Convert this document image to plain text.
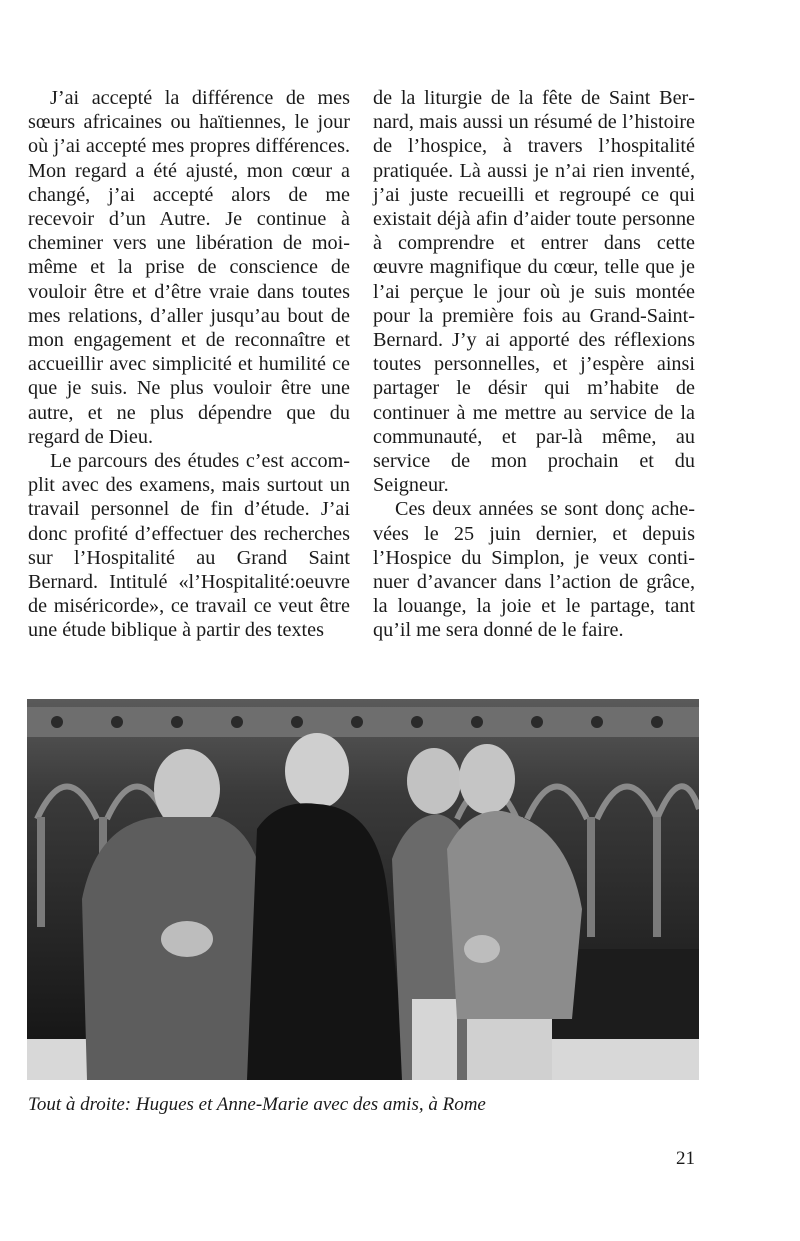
J’ai accepté la différence de mes sœurs africaines ou haïtiennes, le jour où j’ai accepté mes propres différences. Mon regard a été ajusté, mon cœur a changé, j’ai accepté alors de me recevoir d’un Autre. Je continue à cheminer vers une libération de moi-même et la prise de conscience de vouloir être et d’être vraie dans toutes mes relations, d’aller jusqu’au bout de mon engagement et de reconnaître et accueillir avec simplicité et humilité ce que je suis. Ne plus vouloir être une autre, et ne plus dépendre que du regard de Dieu.

Le parcours des études c’est accomplit avec des examens, mais surtout un travail personnel de fin d’étude. J’ai donc profité d’effectuer des recherches sur l’Hospitalité au Grand Saint Bernard. Intitulé «l’Hospitalité:oeuvre de miséricorde», ce travail ce veut être une étude biblique à partir des textes

de la liturgie de la fête de Saint Bernard, mais aussi un résumé de l’histoire de l’hospice, à travers l’hospitalité pratiquée. Là aussi je n’ai rien inventé, j’ai juste recueilli et regroupé ce qui existait déjà afin d’aider toute personne à comprendre et entrer dans cette œuvre magnifique du cœur, telle que je l’ai perçue le jour où je suis montée pour la première fois au Grand-Saint-Bernard. J’y ai apporté des réflexions toutes personnelles, et j’espère ainsi partager le désir qui m’habite de continuer à me mettre au service de la communauté, et par-là même, au service de mon prochain et du Seigneur.

Ces deux années se sont donç achevées le 25 juin dernier, et depuis l’Hospice du Simplon, je veux continuer d’avancer dans l’action de grâce, la louange, la joie et le partage, tant qu’il me sera donné de le faire.

Tout à droite: Hugues et Anne-Marie avec des amis, à Rome
21
